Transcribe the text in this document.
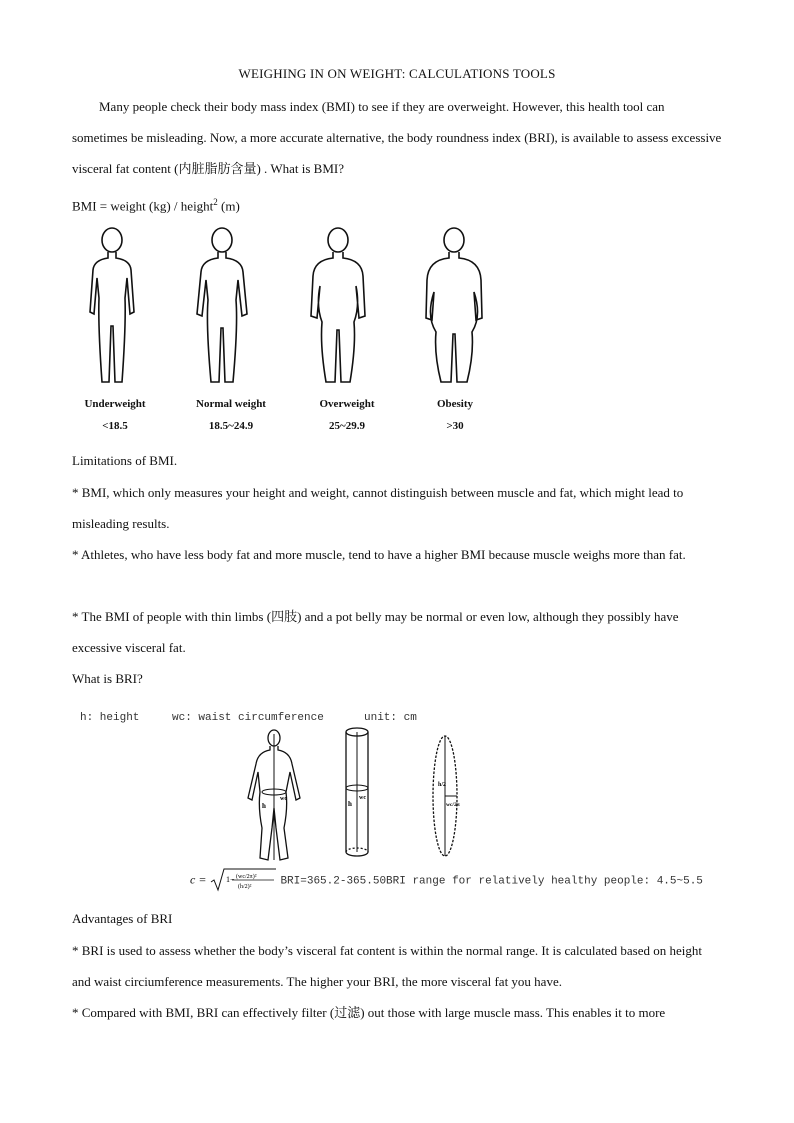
WEIGHING IN ON WEIGHT: CALCULATIONS TOOLS

Many people check their body mass index (BMI) to see if they are overweight. However, this health tool can sometimes be misleading. Now, a more accurate alternative, the body roundness index (BRI), is available to assess excessive visceral fat content (内脏脂肪含量) . What is BMI?

BMI = weight (kg) / height$^2$ (m)

Underweight	Normal weight	Overweight	Obesity
<18.5	18.5~24.9	25~29.9	>30

Limitations of BMI.

* BMI, which only measures your height and weight, cannot distinguish between muscle and fat, which might lead to misleading results.

* Athletes, who have less body fat and more muscle, tend to have a higher BMI because muscle weighs more than fat.

* The BMI of people with thin limbs (四肢) and a pot belly may be normal or even low, although they possibly have excessive visceral fat.

What is BRI?

h: height	wc: waist circumference	unit: cm
h
wc
h
wc
h/2
wc/2π
c =	1− (wc/2π)²
(h/2)²	BRI=365.2-365.50BRI range for relatively healthy people: 4.5~5.5

Advantages of BRI

* BRI is used to assess whether the body’s visceral fat content is within the normal range. It is calculated based on height and waist circiumference measurements. The higher your BRI, the more visceral fat you have.

* Compared with BMI, BRI can effectively filter (过滤) out those with large muscle mass. This enables it to more
